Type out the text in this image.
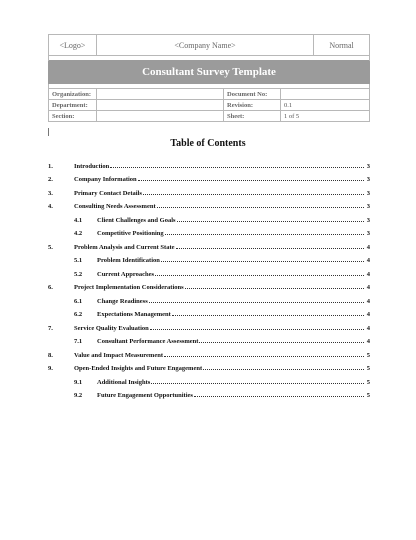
<Logo>	<Company Name>			Normal

Consultant Survey Template				

Organization:		Document No:		
Department:		Revision:	0.1	
Section:		Sheet:	1 of 5	
Table of Contents
1.	Introduction	3
2.	Company Information	3
3.	Primary Contact Details	3
4.	Consulting Needs Assessment	3
4.1 Client Challenges and Goals	3
4.2 Competitive Positioning	3
5.	Problem Analysis and Current State	4
5.1 Problem Identification	4
5.2 Current Approaches	4
6.	Project Implementation Considerations	4
6.1 Change Readiness	4
6.2 Expectations Management	4
7.	Service Quality Evaluation	4
7.1 Consultant Performance Assessment	4
8.	Value and Impact Measurement	5
9.	Open-Ended Insights and Future Engagement	5
9.1 Additional Insights	5
9.2 Future Engagement Opportunities	5
